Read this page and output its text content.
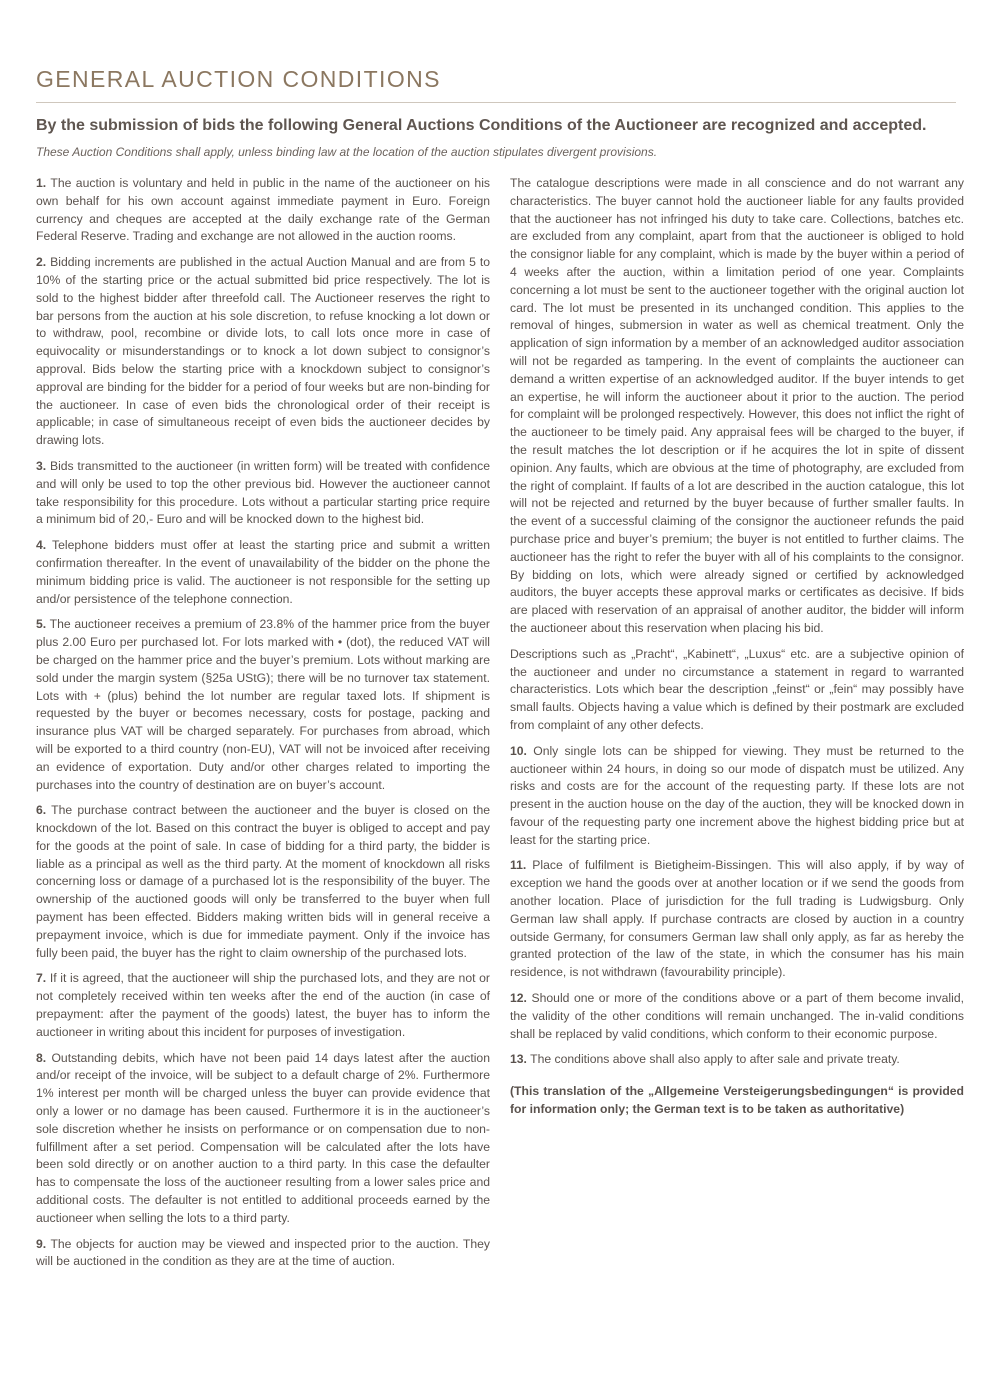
GENERAL AUCTION CONDITIONS

By the submission of bids the following General Auctions Conditions of the Auctioneer are recognized and accepted.

These Auction Conditions shall apply, unless binding law at the location of the auction stipulates divergent provisions.

1. The auction is voluntary and held in public in the name of the auctioneer on his own behalf for his own account against immediate payment in Euro. Foreign currency and cheques are accepted at the daily exchange rate of the German Federal Reserve. Trading and exchange are not allowed in the auction rooms.

2. Bidding increments are published in the actual Auction Manual and are from 5 to 10% of the starting price or the actual submitted bid price respectively. The lot is sold to the highest bidder after threefold call. The Auctioneer reserves the right to bar persons from the auction at his sole discretion, to refuse knocking a lot down or to withdraw, pool, recombine or divide lots, to call lots once more in case of equivocality or misunderstandings or to knock a lot down subject to consignor’s approval. Bids below the starting price with a knockdown subject to consignor’s approval are binding for the bidder for a period of four weeks but are non-binding for the auctioneer. In case of even bids the chronological order of their receipt is applicable; in case of simultaneous receipt of even bids the auctioneer decides by drawing lots.

3. Bids transmitted to the auctioneer (in written form) will be treated with confidence and will only be used to top the other previous bid. However the auctioneer cannot take responsibility for this procedure. Lots without a particular starting price require a minimum bid of 20,- Euro and will be knocked down to the highest bid.

4. Telephone bidders must offer at least the starting price and submit a written confirmation thereafter. In the event of unavailability of the bidder on the phone the minimum bidding price is valid. The auctioneer is not responsible for the setting up and/or persistence of the telephone connection.

5. The auctioneer receives a premium of 23.8% of the hammer price from the buyer plus 2.00 Euro per purchased lot. For lots marked with • (dot), the reduced VAT will be charged on the hammer price and the buyer’s premium. Lots without marking are sold under the margin system (§25a UStG); there will be no turnover tax statement. Lots with + (plus) behind the lot number are regular taxed lots. If shipment is requested by the buyer or becomes necessary, costs for postage, packing and insurance plus VAT will be charged separately. For purchases from abroad, which will be exported to a third country (non-EU), VAT will not be invoiced after receiving an evidence of exportation. Duty and/or other charges related to importing the purchases into the country of destination are on buyer’s account.

6. The purchase contract between the auctioneer and the buyer is closed on the knockdown of the lot. Based on this contract the buyer is obliged to accept and pay for the goods at the point of sale. In case of bidding for a third party, the bidder is liable as a principal as well as the third party. At the moment of knockdown all risks concerning loss or damage of a purchased lot is the responsibility of the buyer. The ownership of the auctioned goods will only be transferred to the buyer when full payment has been effected. Bidders making written bids will in general receive a prepayment invoice, which is due for immediate payment. Only if the invoice has fully been paid, the buyer has the right to claim ownership of the purchased lots.

7. If it is agreed, that the auctioneer will ship the purchased lots, and they are not or not completely received within ten weeks after the end of the auction (in case of prepayment: after the payment of the goods) latest, the buyer has to inform the auctioneer in writing about this incident for purposes of investigation.

8. Outstanding debits, which have not been paid 14 days latest after the auction and/or receipt of the invoice, will be subject to a default charge of 2%. Furthermore 1% interest per month will be charged unless the buyer can provide evidence that only a lower or no damage has been caused. Furthermore it is in the auctioneer’s sole discretion whether he insists on performance or on compensation due to non-fulfillment after a set period. Compensation will be calculated after the lots have been sold directly or on another auction to a third party. In this case the defaulter has to compensate the loss of the auctioneer resulting from a lower sales price and additional costs. The defaulter is not entitled to additional proceeds earned by the auctioneer when selling the lots to a third party.

9. The objects for auction may be viewed and inspected prior to the auction. They will be auctioned in the condition as they are at the time of auction.

The catalogue descriptions were made in all conscience and do not warrant any characteristics. The buyer cannot hold the auctioneer liable for any faults provided that the auctioneer has not infringed his duty to take care. Collections, batches etc. are excluded from any complaint, apart from that the auctioneer is obliged to hold the consignor liable for any complaint, which is made by the buyer within a period of 4 weeks after the auction, within a limitation period of one year. Complaints concerning a lot must be sent to the auctioneer together with the original auction lot card. The lot must be presented in its unchanged condition. This applies to the removal of hinges, submersion in water as well as chemical treatment. Only the application of sign information by a member of an acknowledged auditor association will not be regarded as tampering. In the event of complaints the auctioneer can demand a written expertise of an acknowledged auditor. If the buyer intends to get an expertise, he will inform the auctioneer about it prior to the auction. The period for complaint will be prolonged respectively. However, this does not inflict the right of the auctioneer to be timely paid. Any appraisal fees will be charged to the buyer, if the result matches the lot description or if he acquires the lot in spite of dissent opinion. Any faults, which are obvious at the time of photography, are excluded from the right of complaint. If faults of a lot are described in the auction catalogue, this lot will not be rejected and returned by the buyer because of further smaller faults. In the event of a successful claiming of the consignor the auctioneer refunds the paid purchase price and buyer’s premium; the buyer is not entitled to further claims. The auctioneer has the right to refer the buyer with all of his complaints to the consignor. By bidding on lots, which were already signed or certified by acknowledged auditors, the buyer accepts these approval marks or certificates as decisive. If bids are placed with reservation of an appraisal of another auditor, the bidder will inform the auctioneer about this reservation when placing his bid.

Descriptions such as „Pracht“, „Kabinett“, „Luxus“ etc. are a subjective opinion of the auctioneer and under no circumstance a statement in regard to warranted characteristics. Lots which bear the description „feinst“ or „fein“ may possibly have small faults. Objects having a value which is defined by their postmark are excluded from complaint of any other defects.

10. Only single lots can be shipped for viewing. They must be returned to the auctioneer within 24 hours, in doing so our mode of dispatch must be utilized. Any risks and costs are for the account of the requesting party. If these lots are not present in the auction house on the day of the auction, they will be knocked down in favour of the requesting party one increment above the highest bidding price but at least for the starting price.

11. Place of fulfilment is Bietigheim-Bissingen. This will also apply, if by way of exception we hand the goods over at another location or if we send the goods from another location. Place of jurisdiction for the full trading is Ludwigsburg. Only German law shall apply. If purchase contracts are closed by auction in a country outside Germany, for consumers German law shall only apply, as far as hereby the granted protection of the law of the state, in which the consumer has his main residence, is not withdrawn (favourability principle).

12. Should one or more of the conditions above or a part of them become invalid, the validity of the other conditions will remain unchanged. The in-valid conditions shall be replaced by valid conditions, which conform to their economic purpose.

13. The conditions above shall also apply to after sale and private treaty.

(This translation of the „Allgemeine Versteigerungsbedingungen“ is provided for information only; the German text is to be taken as authoritative)
